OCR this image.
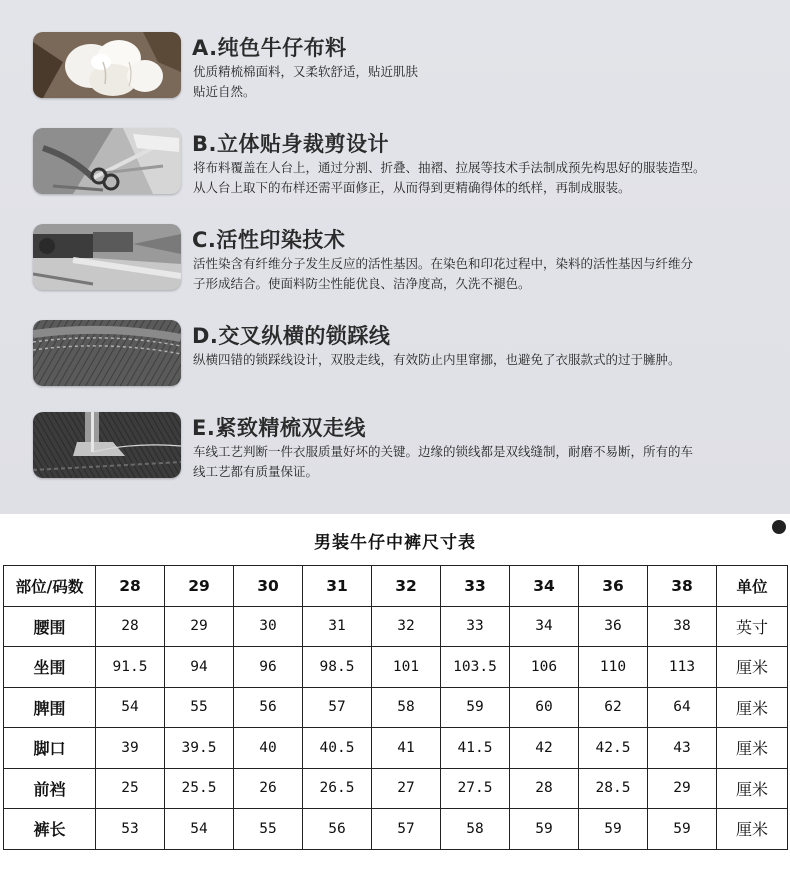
A.纯色牛仔布料
优质精梳棉面料，又柔软舒适，贴近肌肤
贴近自然。
B.立体贴身裁剪设计
将布料覆盖在人台上，通过分割、折叠、抽褶、拉展等技术手法制成预先构思好的服装造型。
从人台上取下的布样还需平面修正，从而得到更精确得体的纸样，再制成服装。
C.活性印染技术
活性染含有纤维分子发生反应的活性基因。在染色和印花过程中，染料的活性基因与纤维分
子形成结合。使面料防尘性能优良、洁净度高，久洗不褪色。
D.交叉纵横的锁踩线
纵横四错的锁踩线设计，双股走线，有效防止内里窜挪，也避免了衣服款式的过于臃肿。
E.紧致精梳双走线
车线工艺判断一件衣服质量好坏的关键。边缘的锁线都是双线缝制，耐磨不易断，所有的车
线工艺都有质量保证。
男装牛仔中裤尺寸表
部位/码数	28	29	30	31	32	33	34	36	38	单位
腰围	28	29	30	31	32	33	34	36	38	英寸
坐围	91.5	94	96	98.5	101	103.5	106	110	113	厘米
脾围	54	55	56	57	58	59	60	62	64	厘米
脚口	39	39.5	40	40.5	41	41.5	42	42.5	43	厘米
前裆	25	25.5	26	26.5	27	27.5	28	28.5	29	厘米
裤长	53	54	55	56	57	58	59	59	59	厘米
